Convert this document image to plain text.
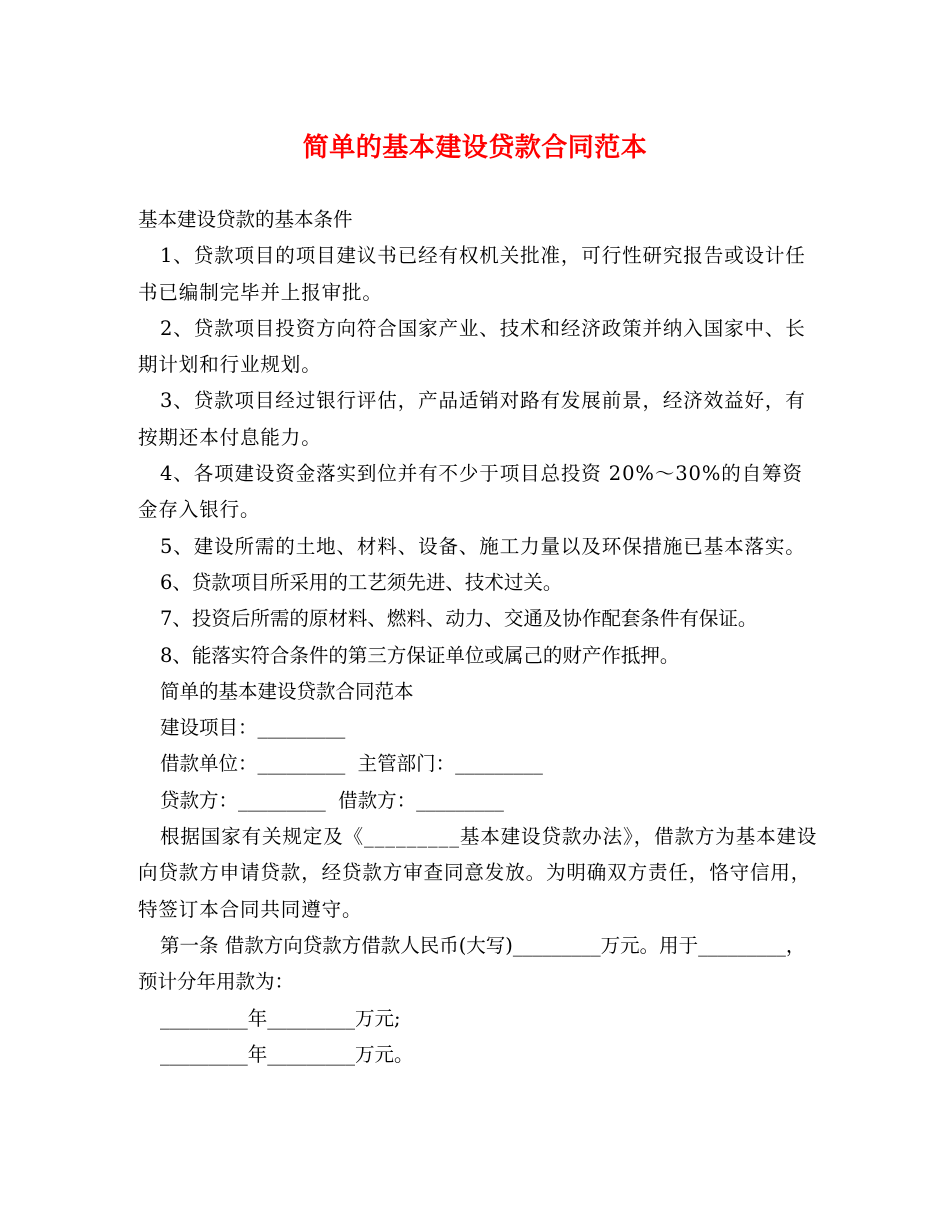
简单的基本建设贷款合同范本

基本建设贷款的基本条件

1、贷款项目的项目建议书已经有权机关批准，可行性研究报告或设计任书已编制完毕并上报审批。

2、贷款项目投资方向符合国家产业、技术和经济政策并纳入国家中、长期计划和行业规划。

3、贷款项目经过银行评估，产品适销对路有发展前景，经济效益好，有按期还本付息能力。

4、各项建设资金落实到位并有不少于项目总投资 20%～30%的自筹资金存入银行。

5、建设所需的土地、材料、设备、施工力量以及环保措施已基本落实。

6、贷款项目所采用的工艺须先进、技术过关。

7、投资后所需的原材料、燃料、动力、交通及协作配套条件有保证。

8、能落实符合条件的第三方保证单位或属己的财产作抵押。

简单的基本建设贷款合同范本

建设项目：_________

借款单位：_________  主管部门：_________

贷款方：_________  借款方：_________

根据国家有关规定及《_________基本建设贷款办法》，借款方为基本建设向贷款方申请贷款，经贷款方审查同意发放。为明确双方责任，恪守信用，特签订本合同共同遵守。

第一条 借款方向贷款方借款人民币(大写)_________万元。用于_________，预计分年用款为：

_________年_________万元;

_________年_________万元。
